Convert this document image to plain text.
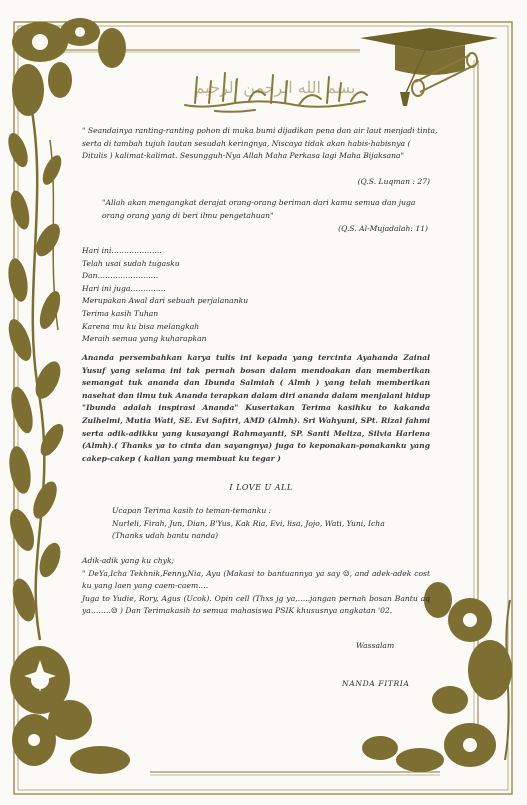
بسم الله الرحمن الرحيم
" Seandainya ranting-ranting pohon di muka bumi dijadikan pena dan air laut menjadi tinta, serta di tambah tujuh lautan sesudah keringnya, Niscaya tidak akan habis-habisnya ( Ditulis ) kalimat-kalimat. Sesungguh-Nya Allah Maha Perkasa lagi Maha Bijaksana"
(Q.S. Luqman : 27)
"Allah akan mengangkat derajat orang-orang beriman dari kamu semua dan juga orang orang yang di beri ilmu pengetahuan"
(Q.S. Al-Mujadalah: 11)
Hari ini………………..
Telah usai sudah tugasku
Dan……………………
Hari ini juga…………..
Merupakan Awal dari sebuah perjalananku
Terima kasih Tuhan
Karena mu ku bisa melangkah
Meraih semua yang kuharapkan
Ananda persembahkan karya tulis ini kepada yang tercinta Ayahanda Zainal Yusuf yang selama ini tak pernah bosan dalam mendoakan dan memberikan semangat tuk ananda dan Ibunda Salmiah ( Almh ) yang telah memberikan nasehat dan ilmu tuk Ananda terapkan dalam diri ananda dalam menjalani hidup "Ibunda adalah inspirasi Ananda" Kusertakan Terima kasihku to kakanda Zulhelmi, Mutia Wati, SE. Evi Safitri, AMD (Almh). Sri Wahyuni, SPt. Rizal fahmi serta adik-adikku yang kusayangi Rahmayanti, SP. Santi Meliza, Silvia Harlena (Almh).( Thanks ya to cinta dan sayangnya) juga to keponakan-ponakanku yang cakep-cakep ( kalian yang membuat ku tegar )
I LOVE U ALL
Ucapan Terima kasih to teman-temanku :
Nurleli, Firah, Jun, Dian, B'Yus, Kak Ria, Evi, lisa, Jojo, Wati, Yuni, Icha
(Thanks udah bantu nanda)
Adik-adik yang ku chyk;
" DeYa,Icha Tekhnik,Fenny,Nia, Ayu (Makasi to bantuannya ya say ☺, and adek-adek cost ku yang laen yang caem-caem….
Juga to Yudie, Rory, Agus (Ucok). Opin cell (Thxs jg ya,…..jangan pernah bosan Bantu aq ya……..☺ ) Dan Terimakasih to semua mahasiswa PSIK khususnya angkatan '02.
Wassalam
NANDA FITRIA
